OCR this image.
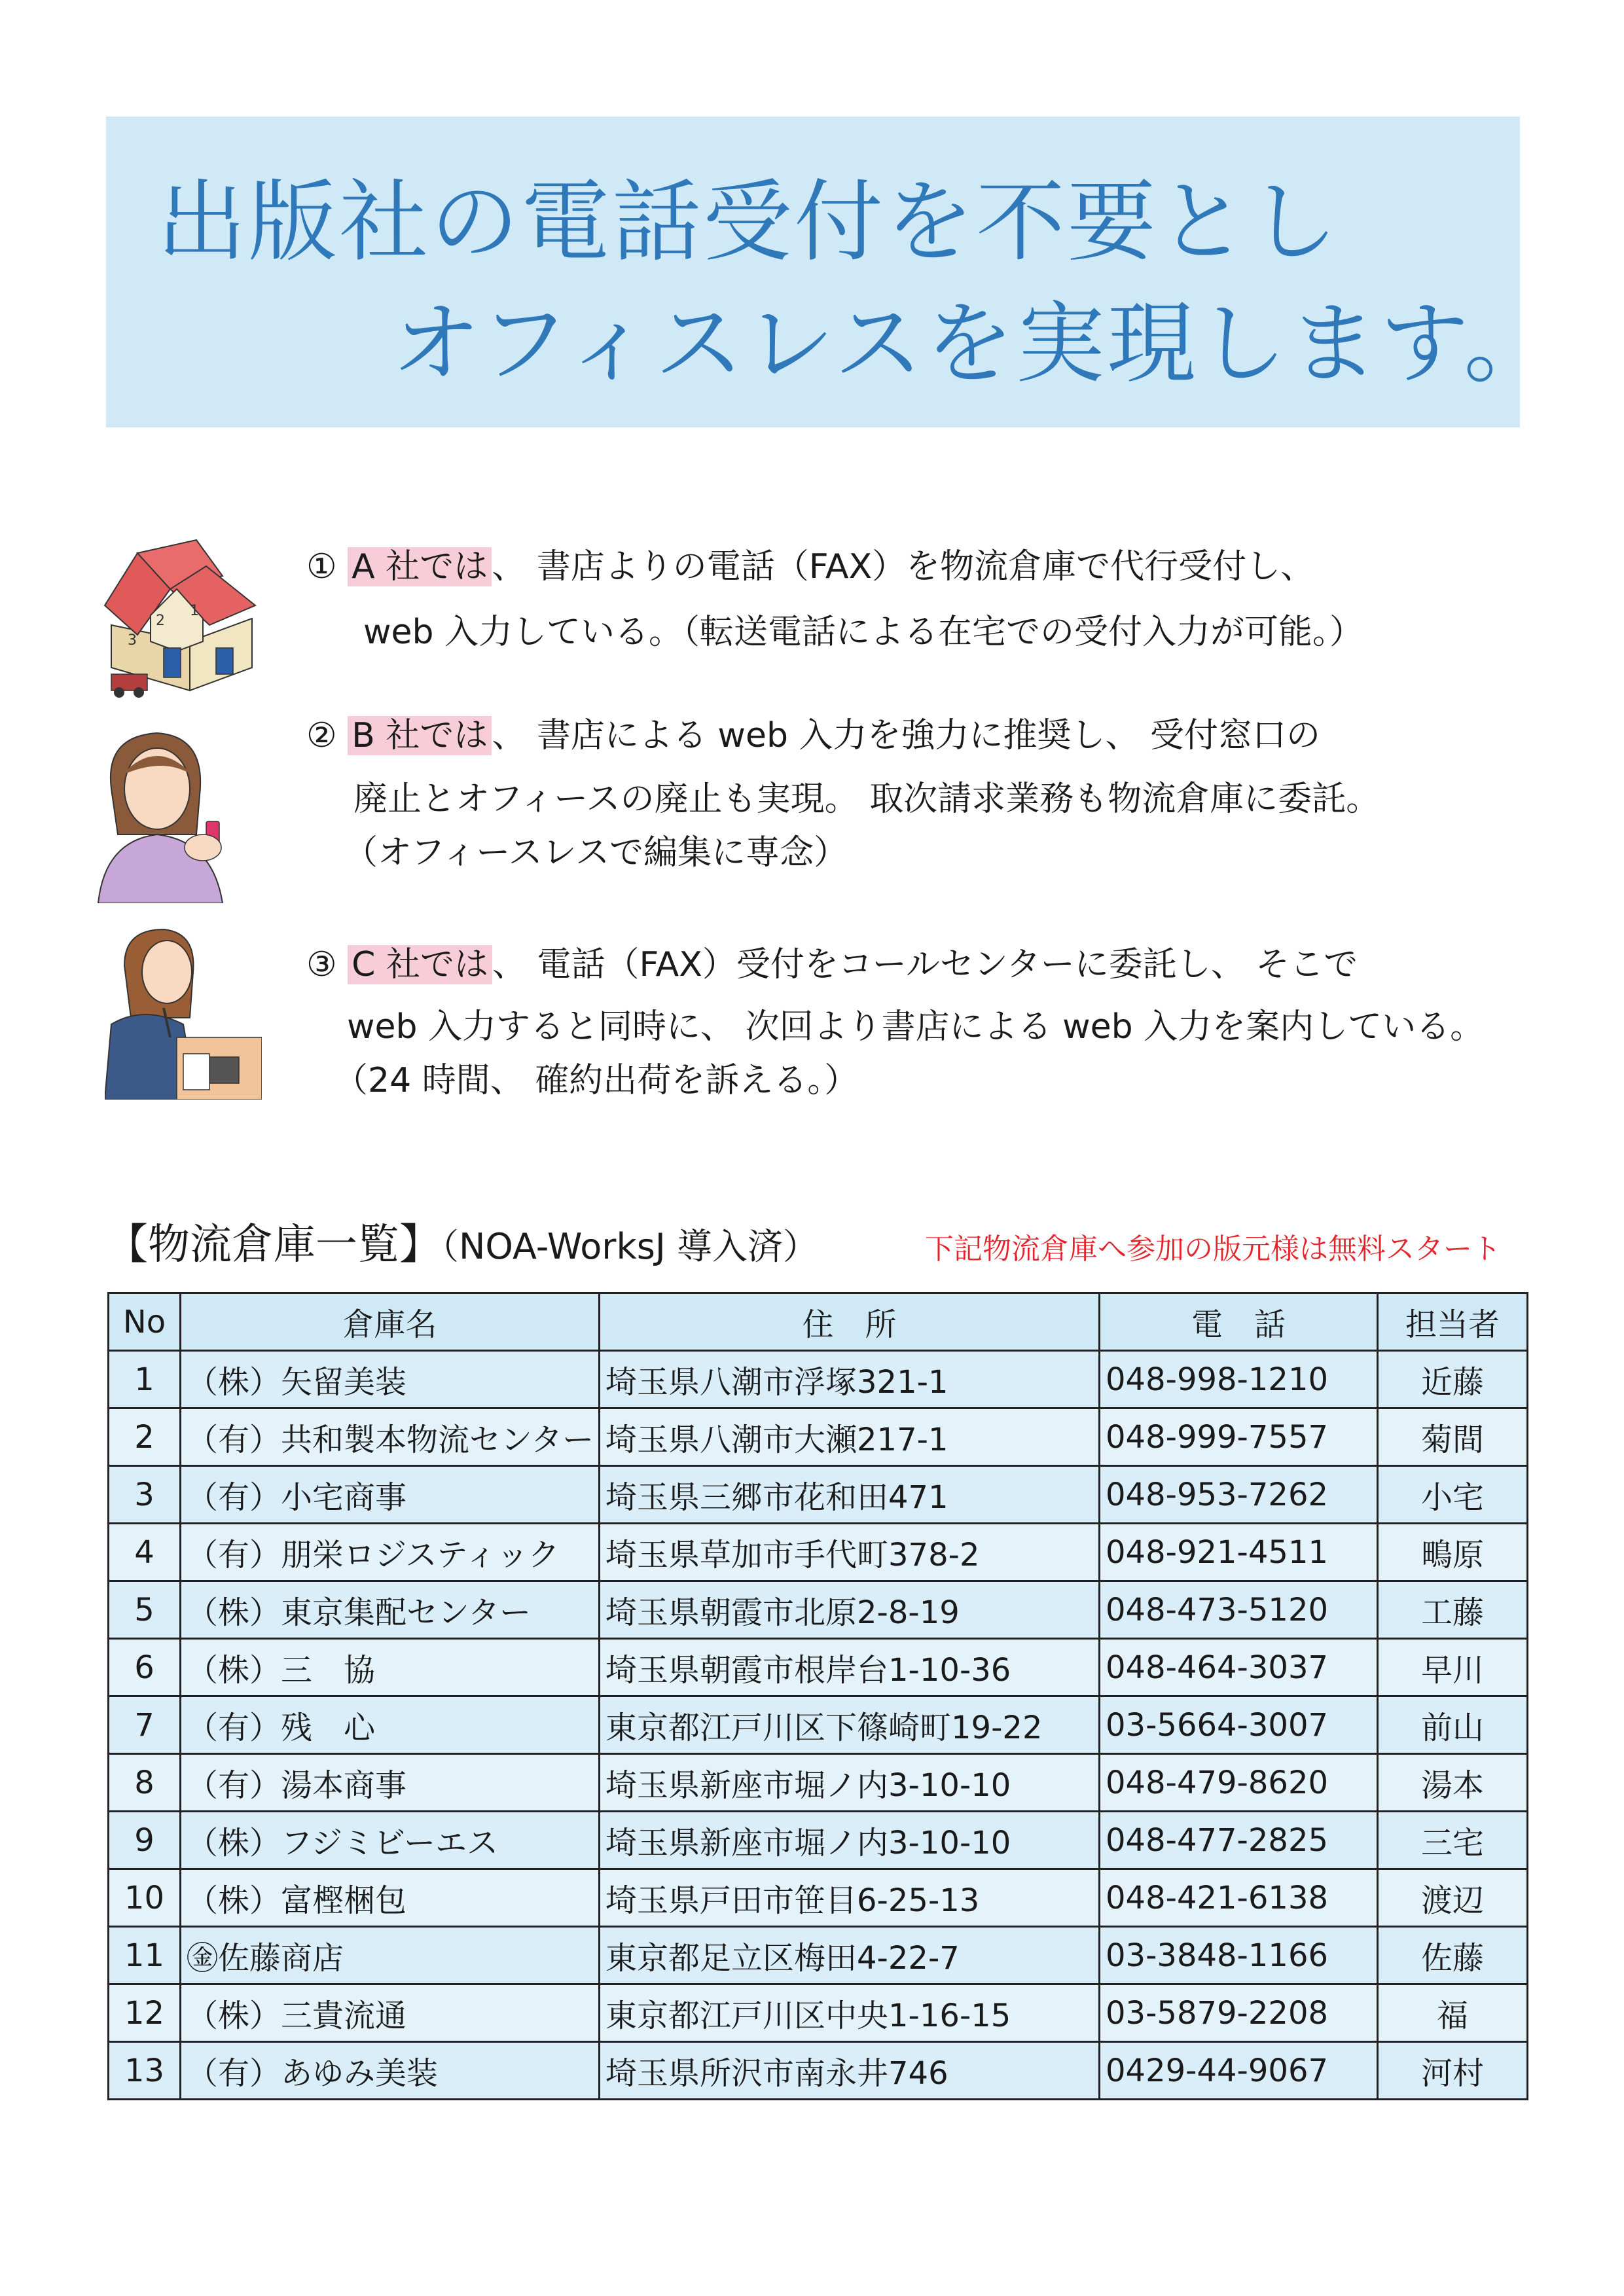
出版社の電話受付を不要とし
オフィスレスを実現します。
3
2
1
① A 社では 、 書店よりの電話（FAX）を物流倉庫で代行受付し、
web 入力している。（転送電話による在宅での受付入力が可能。）
② B 社では 、 書店による web 入力を強力に推奨し、 受付窓口の
廃止とオフィースの廃止も実現。 取次請求業務も物流倉庫に委託。
（オフィースレスで編集に専念）
③ C 社では 、 電話（FAX）受付をコールセンターに委託し、 そこで
web 入力すると同時に、 次回より書店による web 入力を案内している。
（24 時間、 確約出荷を訴える。）
【物流倉庫一覧】（NOA-WorksJ 導入済）	下記物流倉庫へ参加の版元様は無料スタート
No	倉庫名	住　所	電　話	担当者
1	（株）矢留美装	埼玉県八潮市浮塚321-1	048-998-1210	近藤
2	（有）共和製本物流センター	埼玉県八潮市大瀬217-1	048-999-7557	菊間
3	（有）小宅商事	埼玉県三郷市花和田471	048-953-7262	小宅
4	（有）朋栄ロジスティック	埼玉県草加市手代町378-2	048-921-4511	鴫原
5	（株）東京集配センター	埼玉県朝霞市北原2-8-19	048-473-5120	工藤
6	（株）三　協	埼玉県朝霞市根岸台1-10-36	048-464-3037	早川
7	（有）残　心	東京都江戸川区下篠崎町19-22	03-5664-3007	前山
8	（有）湯本商事	埼玉県新座市堀ノ内3-10-10	048-479-8620	湯本
9	（株）フジミビーエス	埼玉県新座市堀ノ内3-10-10	048-477-2825	三宅
10	（株）富樫梱包	埼玉県戸田市笹目6-25-13	048-421-6138	渡辺
11	㊎佐藤商店	東京都足立区梅田4-22-7	03-3848-1166	佐藤
12	（株）三貴流通	東京都江戸川区中央1-16-15	03-5879-2208	福
13	（有）あゆみ美装	埼玉県所沢市南永井746	0429-44-9067	河村
